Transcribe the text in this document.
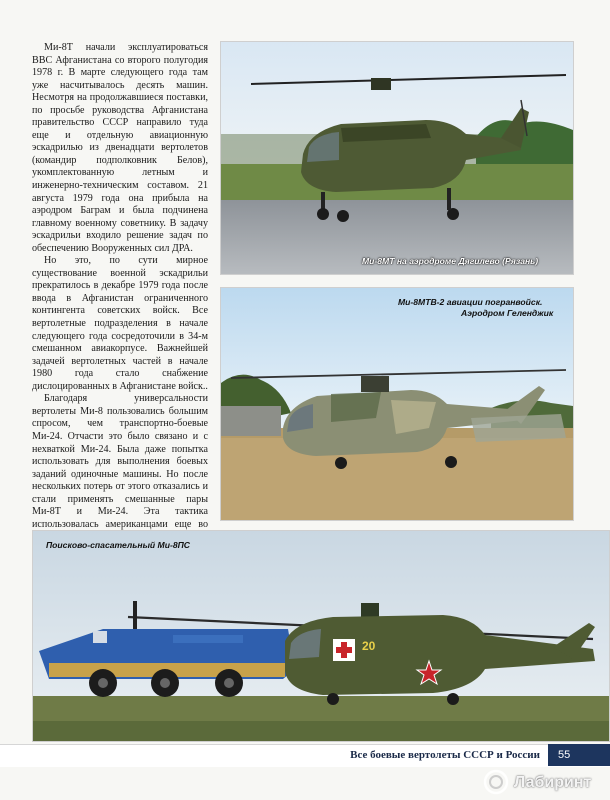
Ми-8Т начали эксплуатироваться ВВС Афганистана со второго полугодия 1978 г. В марте следующего года там уже насчитывалось десять машин. Несмотря на продолжавшиеся поставки, по просьбе руководства Афганистана правительство СССР направило туда еще и отдельную авиационную эскадрилью из двенадцати вертолетов (командир подполковник Белов), укомплектованную летным и инженерно-техническим составом. 21 августа 1979 года она прибыла на аэродром Баграм и была подчинена главному военному советнику. В задачу эскадрильи входило решение задач по обеспечению Вооруженных сил ДРА.

Но это, по сути мирное существование военной эскадрильи прекратилось в декабре 1979 года после ввода в Афганистан ограниченного контингента советских войск. Все вертолетные подразделения в начале следующего года сосредоточили в 34-м смешанном авиакорпусе. Важнейшей задачей вертолетных частей в начале 1980 года стало снабжение дислоцированных в Афганистане войск..

Благодаря универсальности вертолеты Ми-8 пользовались большим спросом, чем транспортно-боевые Ми-24. Отчасти это было связано и с нехваткой Ми-24. Была даже попытка использовать для выполнения боевых заданий одиночные машины. Но после нескольких потерь от этого отказались и стали применять смешанные пары Ми-8Т и Ми-24. Эта тактика использовалась американцами еще во

Ми-8МТ на аэродроме Дягилево (Рязань)
Ми-8МТВ-2 авиации погранвойск.
Аэродром Геленджик
20
Поисково-спасательный Ми-8ПС
Все боевые вертолеты СССР и России	55
Лабиринт
